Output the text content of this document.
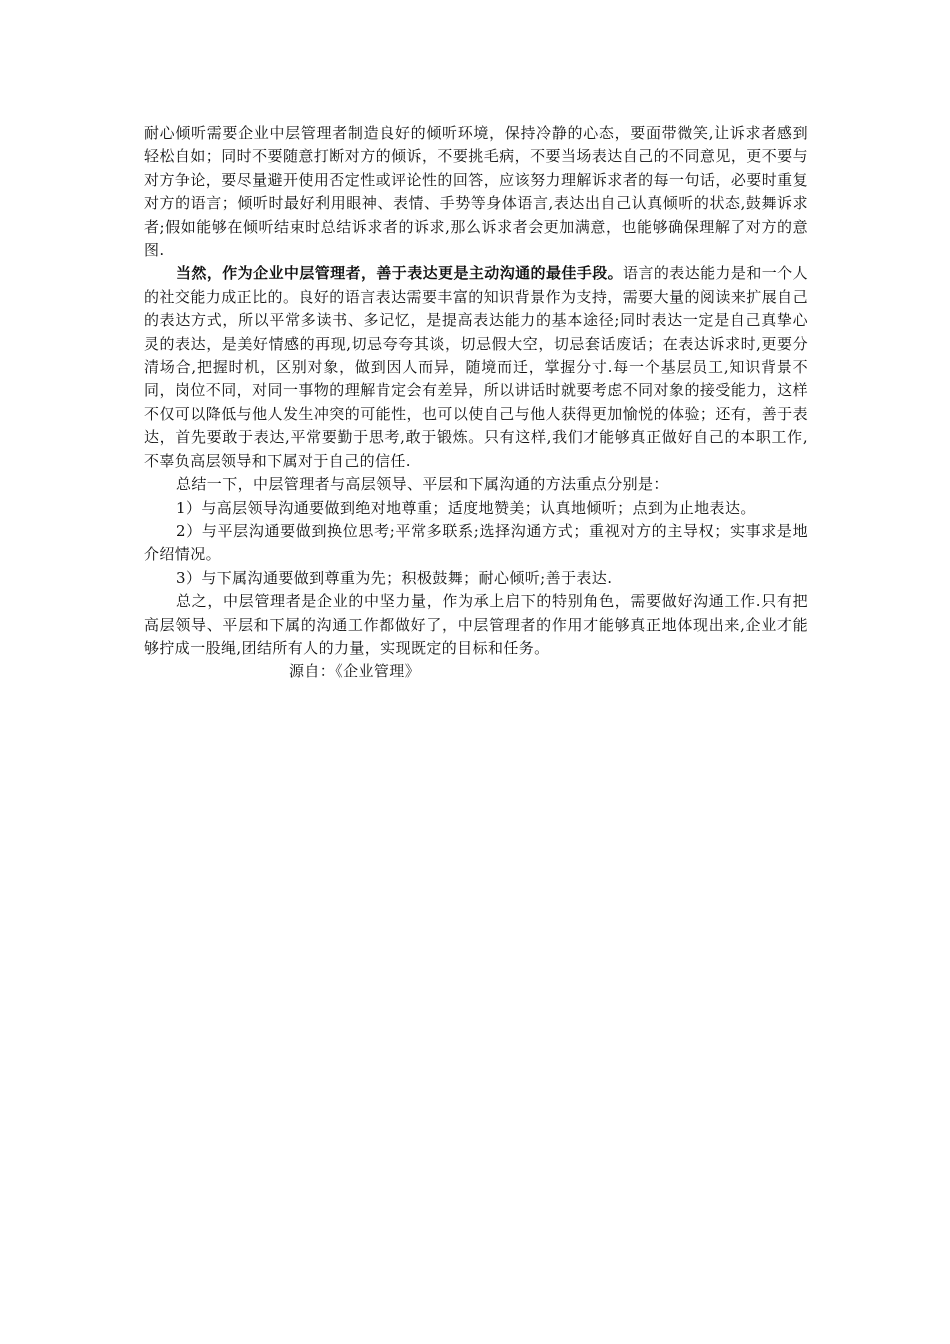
耐心倾听需要企业中层管理者制造良好的倾听环境，保持冷静的心态，要面带微笑,让诉求者感到轻松自如；同时不要随意打断对方的倾诉，不要挑毛病，不要当场表达自己的不同意见，更不要与对方争论，要尽量避开使用否定性或评论性的回答，应该努力理解诉求者的每一句话，必要时重复对方的语言；倾听时最好利用眼神、表情、手势等身体语言,表达出自己认真倾听的状态,鼓舞诉求者;假如能够在倾听结束时总结诉求者的诉求,那么诉求者会更加满意，也能够确保理解了对方的意图.

当然，作为企业中层管理者，善于表达更是主动沟通的最佳手段。语言的表达能力是和一个人的社交能力成正比的。良好的语言表达需要丰富的知识背景作为支持，需要大量的阅读来扩展自己的表达方式，所以平常多读书、多记忆，是提高表达能力的基本途径;同时表达一定是自己真挚心灵的表达，是美好情感的再现,切忌夸夸其谈，切忌假大空，切忌套话废话；在表达诉求时,更要分清场合,把握时机，区别对象，做到因人而异，随境而迁，掌握分寸.每一个基层员工,知识背景不同，岗位不同，对同一事物的理解肯定会有差异，所以讲话时就要考虑不同对象的接受能力，这样不仅可以降低与他人发生冲突的可能性，也可以使自己与他人获得更加愉悦的体验；还有，善于表达，首先要敢于表达,平常要勤于思考,敢于锻炼。只有这样,我们才能够真正做好自己的本职工作,不辜负高层领导和下属对于自己的信任.

总结一下，中层管理者与高层领导、平层和下属沟通的方法重点分别是：

1）与高层领导沟通要做到绝对地尊重；适度地赞美；认真地倾听；点到为止地表达。

2）与平层沟通要做到换位思考;平常多联系;选择沟通方式；重视对方的主导权；实事求是地介绍情况。

3）与下属沟通要做到尊重为先；积极鼓舞；耐心倾听;善于表达.

总之，中层管理者是企业的中坚力量，作为承上启下的特别角色，需要做好沟通工作.只有把高层领导、平层和下属的沟通工作都做好了，中层管理者的作用才能够真正地体现出来,企业才能够拧成一股绳,团结所有人的力量，实现既定的目标和任务。

源自：《企业管理》
